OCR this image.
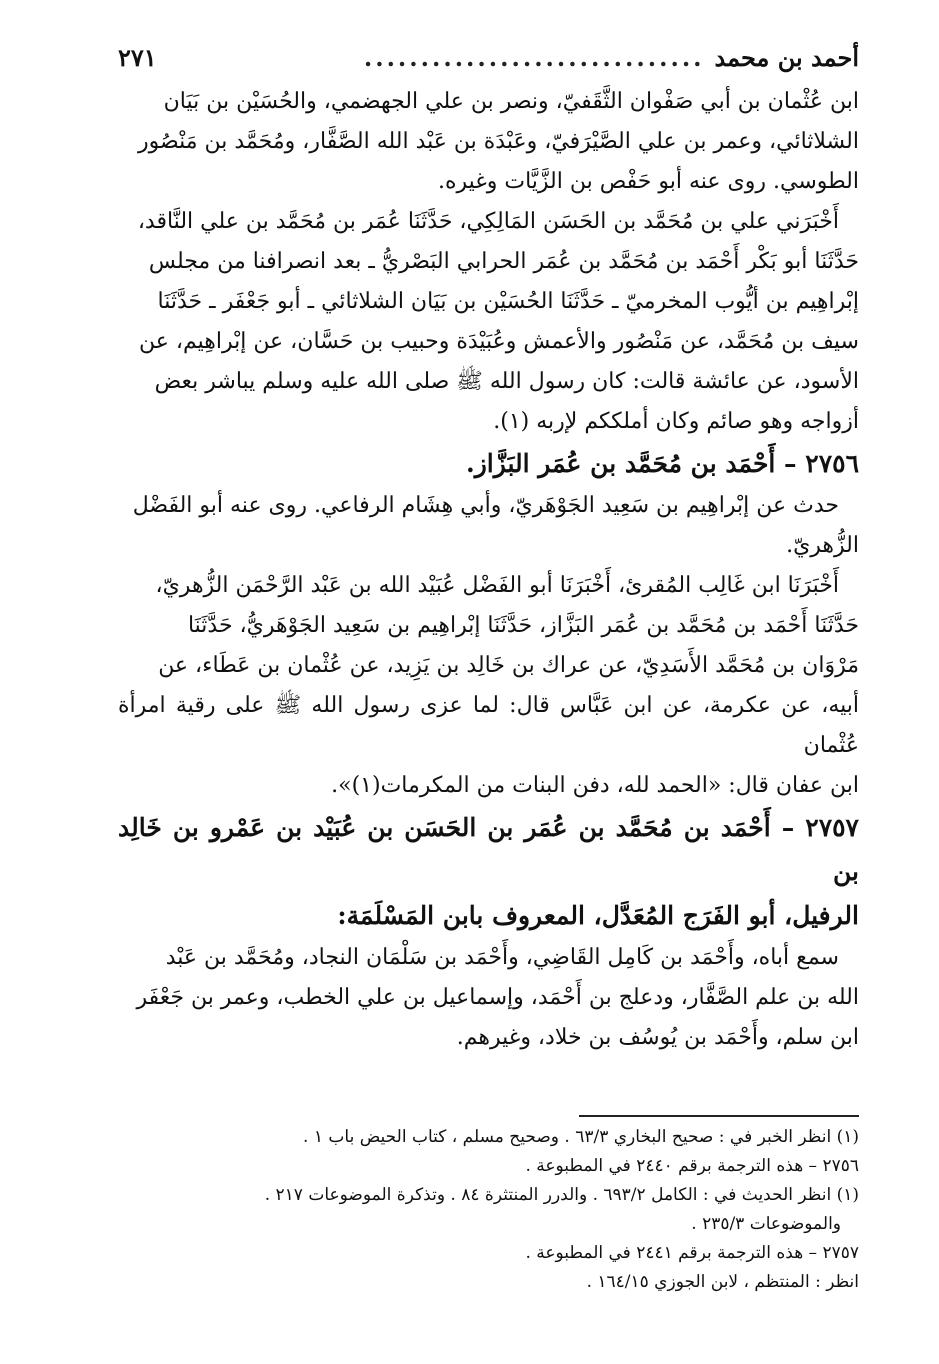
أحمد بن محمد
..............................
٢٧١

ابن عُثْمان بن أبي صَفْوان الثَّقَفيّ، ونصر بن علي الجهضمي، والحُسَيْن بن بَيَان

الشلاثائي، وعمر بن علي الصَّيْرَفيّ، وعَبْدَة بن عَبْد الله الصَّفَّار، ومُحَمَّد بن مَنْصُور

الطوسي. روى عنه أبو حَفْص بن الزَّيَّات وغيره.

أَخْبَرَني علي بن مُحَمَّد بن الحَسَن المَالِكِي، حَدَّثَنَا عُمَر بن مُحَمَّد بن علي النَّاقد،

حَدَّثَنَا أبو بَكْر أَحْمَد بن مُحَمَّد بن عُمَر الحرابي البَصْريُّ ـ بعد انصرافنا من مجلس

إبْراهِيم بن أيُّوب المخرميّ ـ حَدَّثَنَا الحُسَيْن بن بَيَان الشلاثائي ـ أبو جَعْفَر ـ حَدَّثَنَا

سيف بن مُحَمَّد، عن مَنْصُور والأعمش وعُبَيْدَة وحبيب بن حَسَّان، عن إبْراهِيم، عن

الأسود، عن عائشة قالت: كان رسول الله ﷺ صلى الله عليه وسلم يباشر بعض

أزواجه وهو صائم وكان أملككم لإربه (١).

٢٧٥٦ – أَحْمَد بن مُحَمَّد بن عُمَر البَزَّاز.

حدث عن إبْراهِيم بن سَعِيد الجَوْهَريّ، وأبي هِشَام الرفاعي. روى عنه أبو الفَضْل

الزُّهريّ.

أَخْبَرَنَا ابن غَالِب المُقرئ، أَخْبَرَنَا أبو الفَضْل عُبَيْد الله بن عَبْد الرَّحْمَن الزُّهريّ،

حَدَّثَنَا أَحْمَد بن مُحَمَّد بن عُمَر البَزَّاز، حَدَّثَنَا إبْراهِيم بن سَعِيد الجَوْهَريُّ، حَدَّثَنَا

مَرْوَان بن مُحَمَّد الأَسَدِيّ، عن عراك بن خَالِد بن يَزِيد، عن عُثْمان بن عَطَاء، عن

أبيه، عن عكرمة، عن ابن عَبَّاس قال: لما عزى رسول الله ﷺ على رقية امرأة عُثْمان

ابن عفان قال: «الحمد لله، دفن البنات من المكرمات(١)».

٢٧٥٧ – أَحْمَد بن مُحَمَّد بن عُمَر بن الحَسَن بن عُبَيْد بن عَمْرو بن خَالِد بن
الرفيل، أبو الفَرَج المُعَدَّل، المعروف بابن المَسْلَمَة:

سمع أباه، وأَحْمَد بن كَامِل القَاضِي، وأَحْمَد بن سَلْمَان النجاد، ومُحَمَّد بن عَبْد

الله بن علم الصَّفَّار، ودعلج بن أَحْمَد، وإسماعيل بن علي الخطب، وعمر بن جَعْفَر

ابن سلم، وأَحْمَد بن يُوسُف بن خلاد، وغيرهم.

(١) انظر الخبر في : صحيح البخاري ٦٣/٣ . وصحيح مسلم ، كتاب الحيض باب ١ .
٢٧٥٦ – هذه الترجمة برقم ٢٤٤٠ في المطبوعة .
(١) انظر الحديث في : الكامل ٦٩٣/٢ . والدرر المنتثرة ٨٤ . وتذكرة الموضوعات ٢١٧ .
والموضوعات ٢٣٥/٣ .
٢٧٥٧ – هذه الترجمة برقم ٢٤٤١ في المطبوعة .
انظر : المنتظم ، لابن الجوزي ١٦٤/١٥ .
